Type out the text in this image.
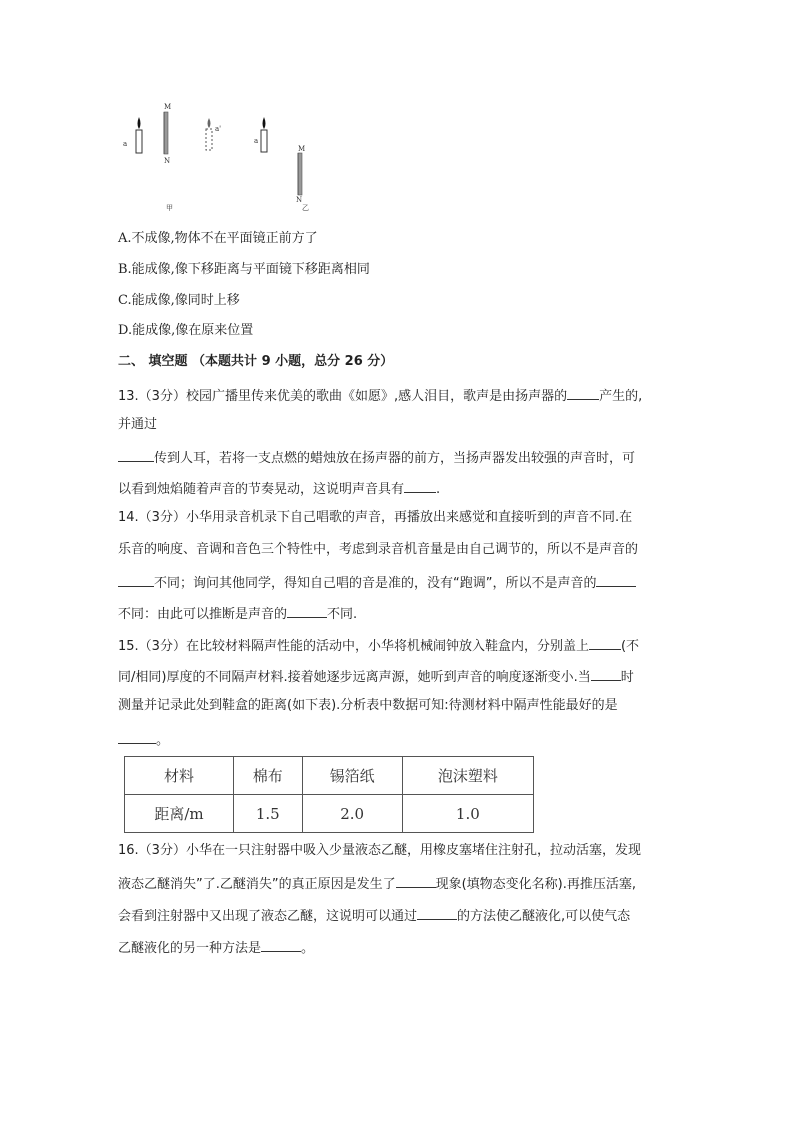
a
M
N
a'
a
M
N
乙
甲
A.不成像,物体不在平面镜正前方了
B.能成像,像下移距离与平面镜下移距离相同
C.能成像,像同时上移
D.能成像,像在原来位置
二、 填空题 （本题共计 9 小题，总分 26 分）
13.（3分）校园广播里传来优美的歌曲《如愿》,感人泪目，歌声是由扬声器的 产生的,
并通过
传到人耳，若将一支点燃的蜡烛放在扬声器的前方，当扬声器发出较强的声音时，可
以看到烛焰随着声音的节奏晃动，这说明声音具有 .
14.（3分）小华用录音机录下自己唱歌的声音，再播放出来感觉和直接听到的声音不同.在
乐音的响度、音调和音色三个特性中，考虑到录音机音量是由自己调节的，所以不是声音的
不同；询问其他同学，得知自己唱的音是准的，没有“跑调”，所以不是声音的
不同：由此可以推断是声音的	不同.
15.（3分）在比较材料隔声性能的活动中，小华将机械闹钟放入鞋盒内，分别盖上 (不
同/相同)厚度的不同隔声材料.接着她逐步远离声源，她听到声音的响度逐渐变小.当 时
测量并记录此处到鞋盒的距离(如下表).分析表中数据可知:待测材料中隔声性能最好的是
。
材料	棉布	锡箔纸	泡沫塑料
距离/m	1.5	2.0	1.0
16.（3分）小华在一只注射器中吸入少量液态乙醚，用橡皮塞堵住注射孔，拉动活塞，发现
液态乙醚消失”了.乙醚消失”的真正原因是发生了	现象(填物态变化名称).再推压活塞,
会看到注射器中又出现了液态乙醚，这说明可以通过	的方法使乙醚液化,可以使气态
乙醚液化的另一种方法是	。
